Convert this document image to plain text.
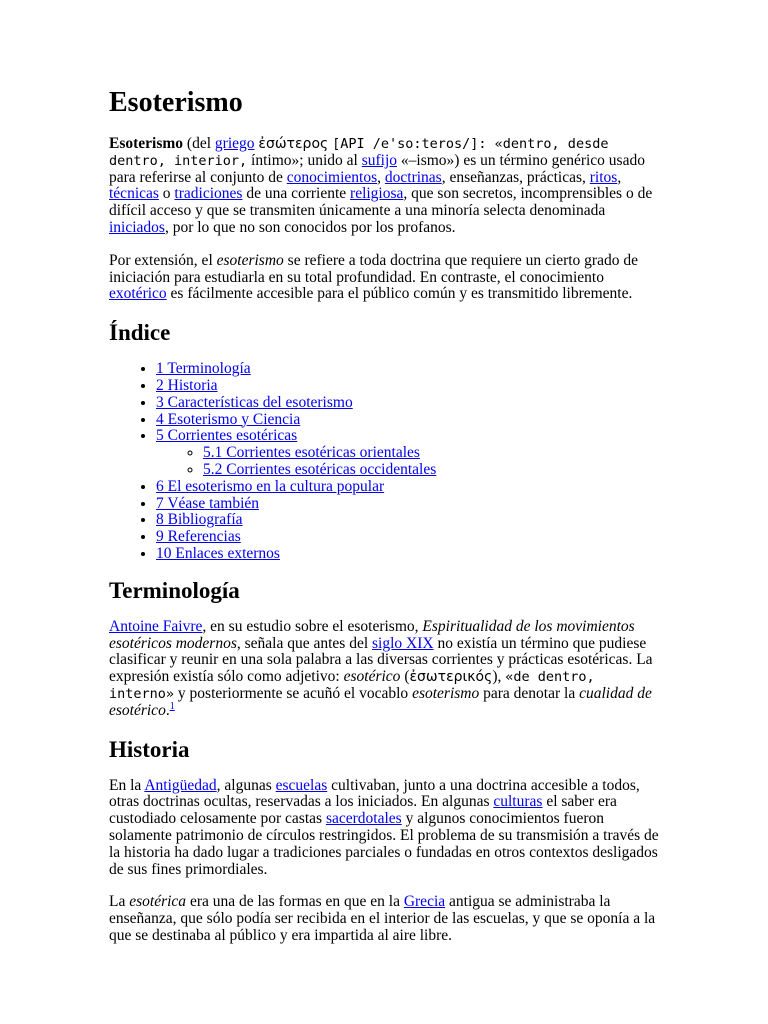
Esoterismo

Esoterismo (del griego ἐσώτερος [API /e'so:teros/]: «dentro, desde dentro, interior, íntimo»; unido al sufijo «–ismo») es un término genérico usado para referirse al conjunto de conocimientos, doctrinas, enseñanzas, prácticas, ritos, técnicas o tradiciones de una corriente religiosa, que son secretos, incomprensibles o de difícil acceso y que se transmiten únicamente a una minoría selecta denominada iniciados, por lo que no son conocidos por los profanos.

Por extensión, el esoterismo se refiere a toda doctrina que requiere un cierto grado de iniciación para estudiarla en su total profundidad. En contraste, el conocimiento exotérico es fácilmente accesible para el público común y es transmitido libremente.

Índice
• 1 Terminología
• 2 Historia
• 3 Características del esoterismo
• 4 Esoterismo y Ciencia
• 5 Corrientes esotéricas
◦ 5.1 Corrientes esotéricas orientales
◦ 5.2 Corrientes esotéricas occidentales
• 6 El esoterismo en la cultura popular
• 7 Véase también
• 8 Bibliografía
• 9 Referencias
• 10 Enlaces externos
Terminología

Antoine Faivre, en su estudio sobre el esoterismo, Espiritualidad de los movimientos esotéricos modernos, señala que antes del siglo XIX no existía un término que pudiese clasificar y reunir en una sola palabra a las diversas corrientes y prácticas esotéricas. La expresión existía sólo como adjetivo: esotérico (ἐσωτερικός), «de dentro, interno» y posteriormente se acuñó el vocablo esoterismo para denotar la cualidad de esotérico.$^1$

Historia

En la Antigüedad, algunas escuelas cultivaban, junto a una doctrina accesible a todos, otras doctrinas ocultas, reservadas a los iniciados. En algunas culturas el saber era custodiado celosamente por castas sacerdotales y algunos conocimientos fueron solamente patrimonio de círculos restringidos. El problema de su transmisión a través de la historia ha dado lugar a tradiciones parciales o fundadas en otros contextos desligados de sus fines primordiales.

La esotérica era una de las formas en que en la Grecia antigua se administraba la enseñanza, que sólo podía ser recibida en el interior de las escuelas, y que se oponía a la que se destinaba al público y era impartida al aire libre.
